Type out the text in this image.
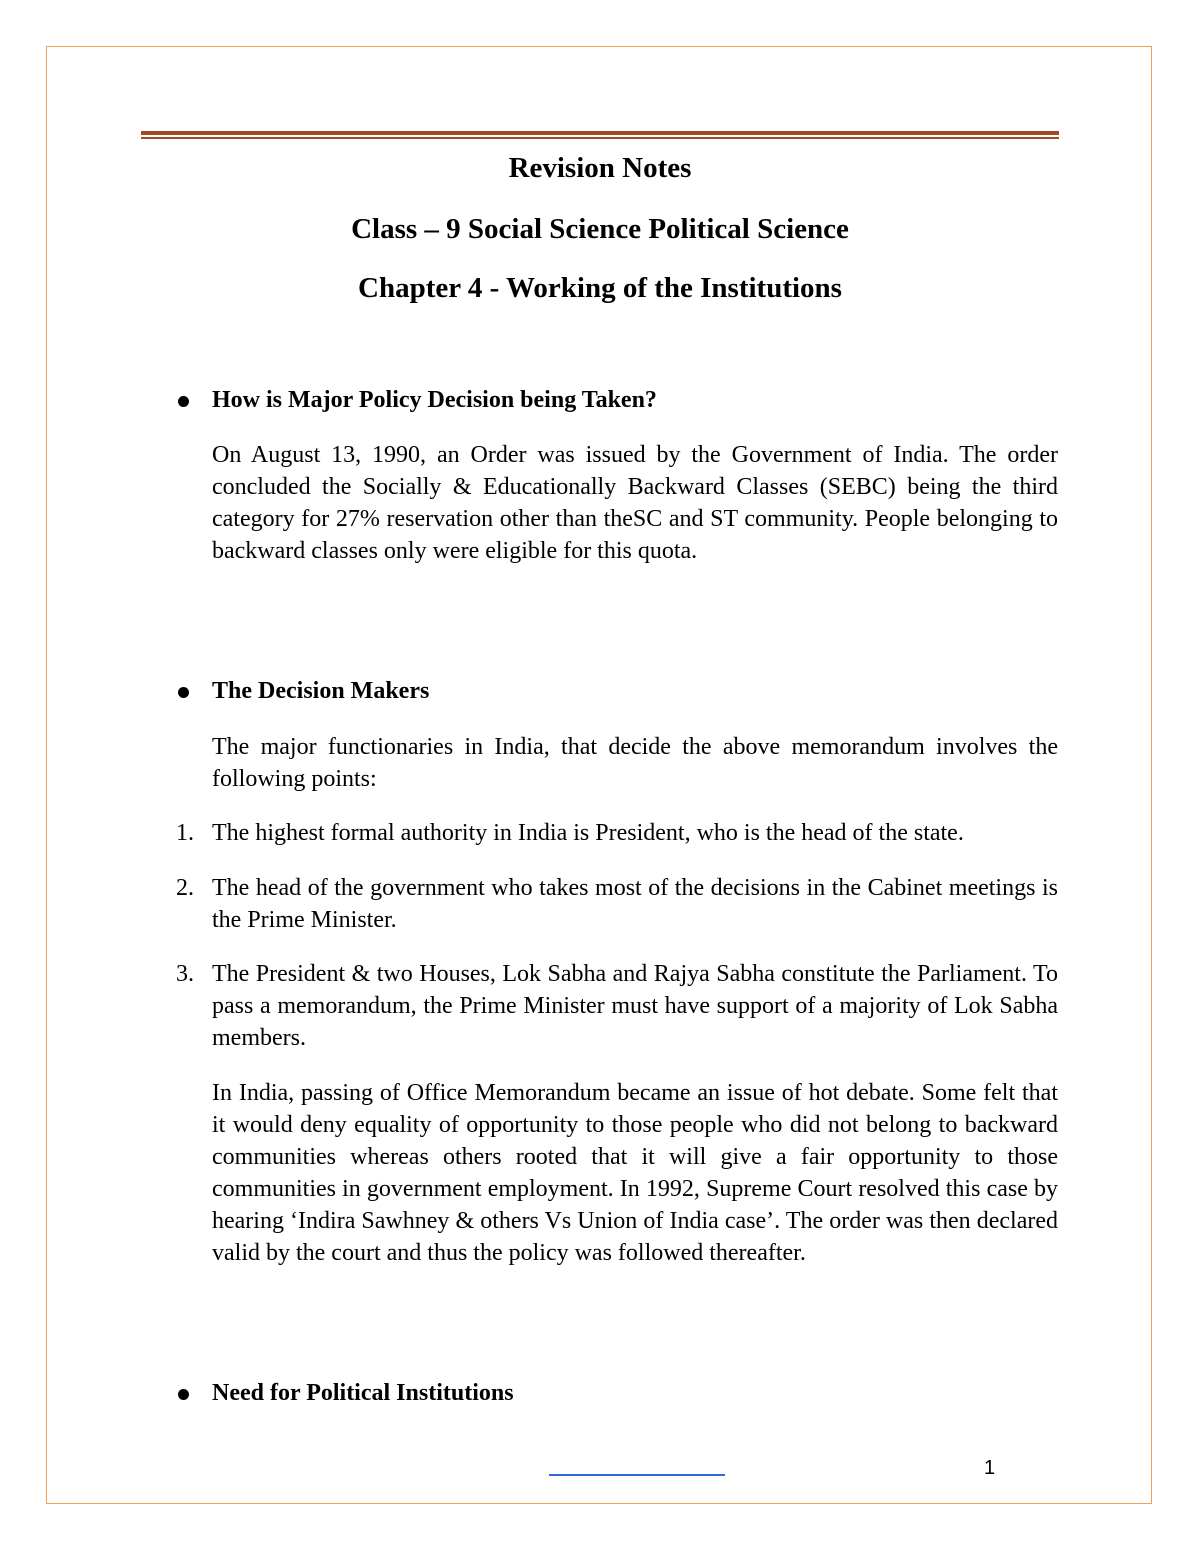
Revision Notes
Class – 9 Social Science Political Science
Chapter 4 - Working of the Institutions
How is Major Policy Decision being Taken?
On August 13, 1990, an Order was issued by the Government of India. The order concluded the Socially & Educationally Backward Classes (SEBC) being the third category for 27% reservation other than theSC and ST community. People belonging to backward classes only were eligible for this quota.
The Decision Makers
The major functionaries in India, that decide the above memorandum involves the following points:
1. The highest formal authority in India is President, who is the head of the state.
2. The head of the government who takes most of the decisions in the Cabinet meetings is the Prime Minister.
3. The President & two Houses, Lok Sabha and Rajya Sabha constitute the Parliament. To pass a memorandum, the Prime Minister must have support of a majority of Lok Sabha members.
In India, passing of Office Memorandum became an issue of hot debate. Some felt that it would deny equality of opportunity to those people who did not belong to backward communities whereas others rooted that it will give a fair opportunity to those communities in government employment. In 1992, Supreme Court resolved this case by hearing ‘Indira Sawhney & others Vs Union of India case’. The order was then declared valid by the court and thus the policy was followed thereafter.
Need for Political Institutions
1
